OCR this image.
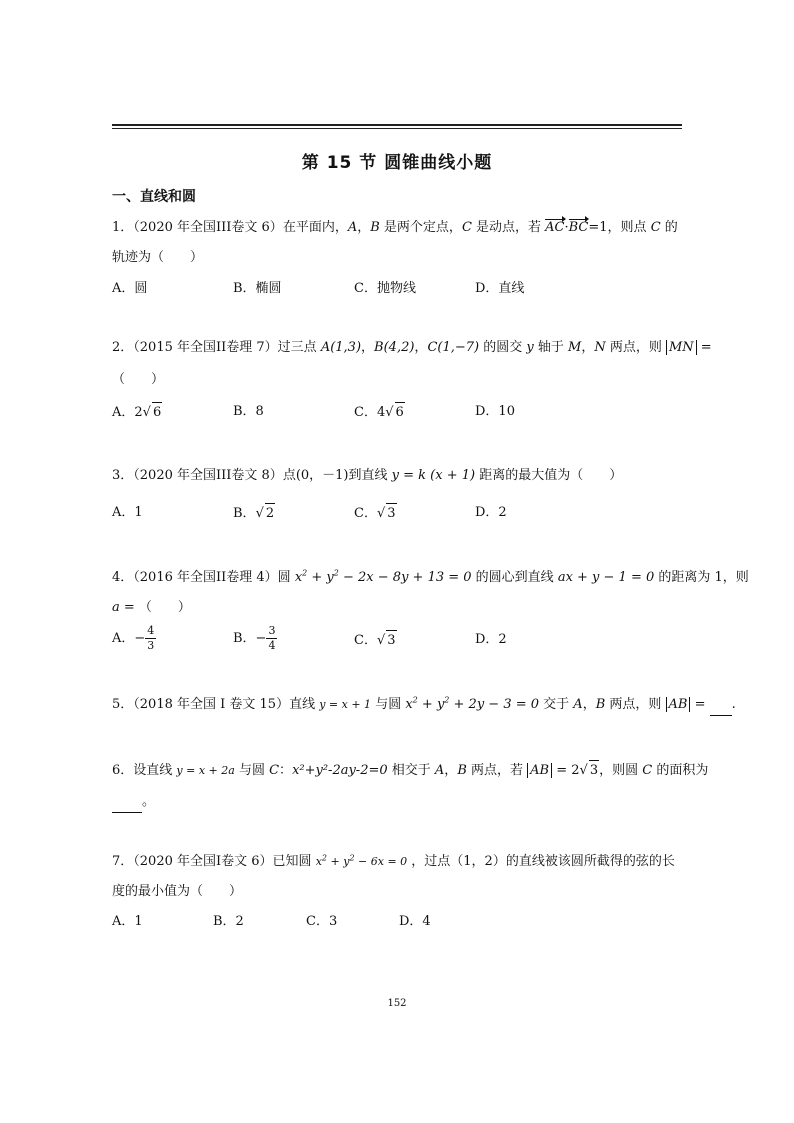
第 15 节 圆锥曲线小题
一、直线和圆
1．（2020 年全国III卷文 6）在平面内，A，B 是两个定点，C 是动点，若 AC·BC=1，则点 C 的
轨迹为（　　）
A．圆	B．椭圆	C．抛物线	D．直线
2．（2015 年全国II卷理 7）过三点 A(1,3)，B(4,2)，C(1,−7) 的圆交 y 轴于 M，N 两点，则 MN =
（　　）
A．2√ 6	B．8	C．4√ 6	D．10
3．（2020 年全国III卷文 8）点(0，－1)到直线 y = k (x + 1) 距离的最大值为（　　）
A．1	B．√ 2	C．√ 3	D．2
4．（2016 年全国II卷理 4）圆 $x^2 + y^2 - 2x - 8y + 13 = 0$ 的圆心到直线 ax + y − 1 = 0 的距离为 1，则
a = （　　）
A．− $\frac{4}{3}$	B．− $\frac{3}{4}$	C．√ 3	D．2
5．（2018 年全国 I 卷文 15）直线 y = x + 1 与圆 $x^2 + y^2 + 2y - 3 = 0$ 交于 A，B 两点，则 AB =  .
6．设直线 y = x + 2a 与圆 C：x²+y²-2ay-2=0 相交于 A，B 两点，若 AB = 2√ 3，则圆 C 的面积为
。
7．（2020 年全国I卷文 6）已知圆 $x^2 + y^2 - 6x = 0$ ，过点（1，2）的直线被该圆所截得的弦的长
度的最小值为（　　）
A．1	B．2	C．3	D．4
152
